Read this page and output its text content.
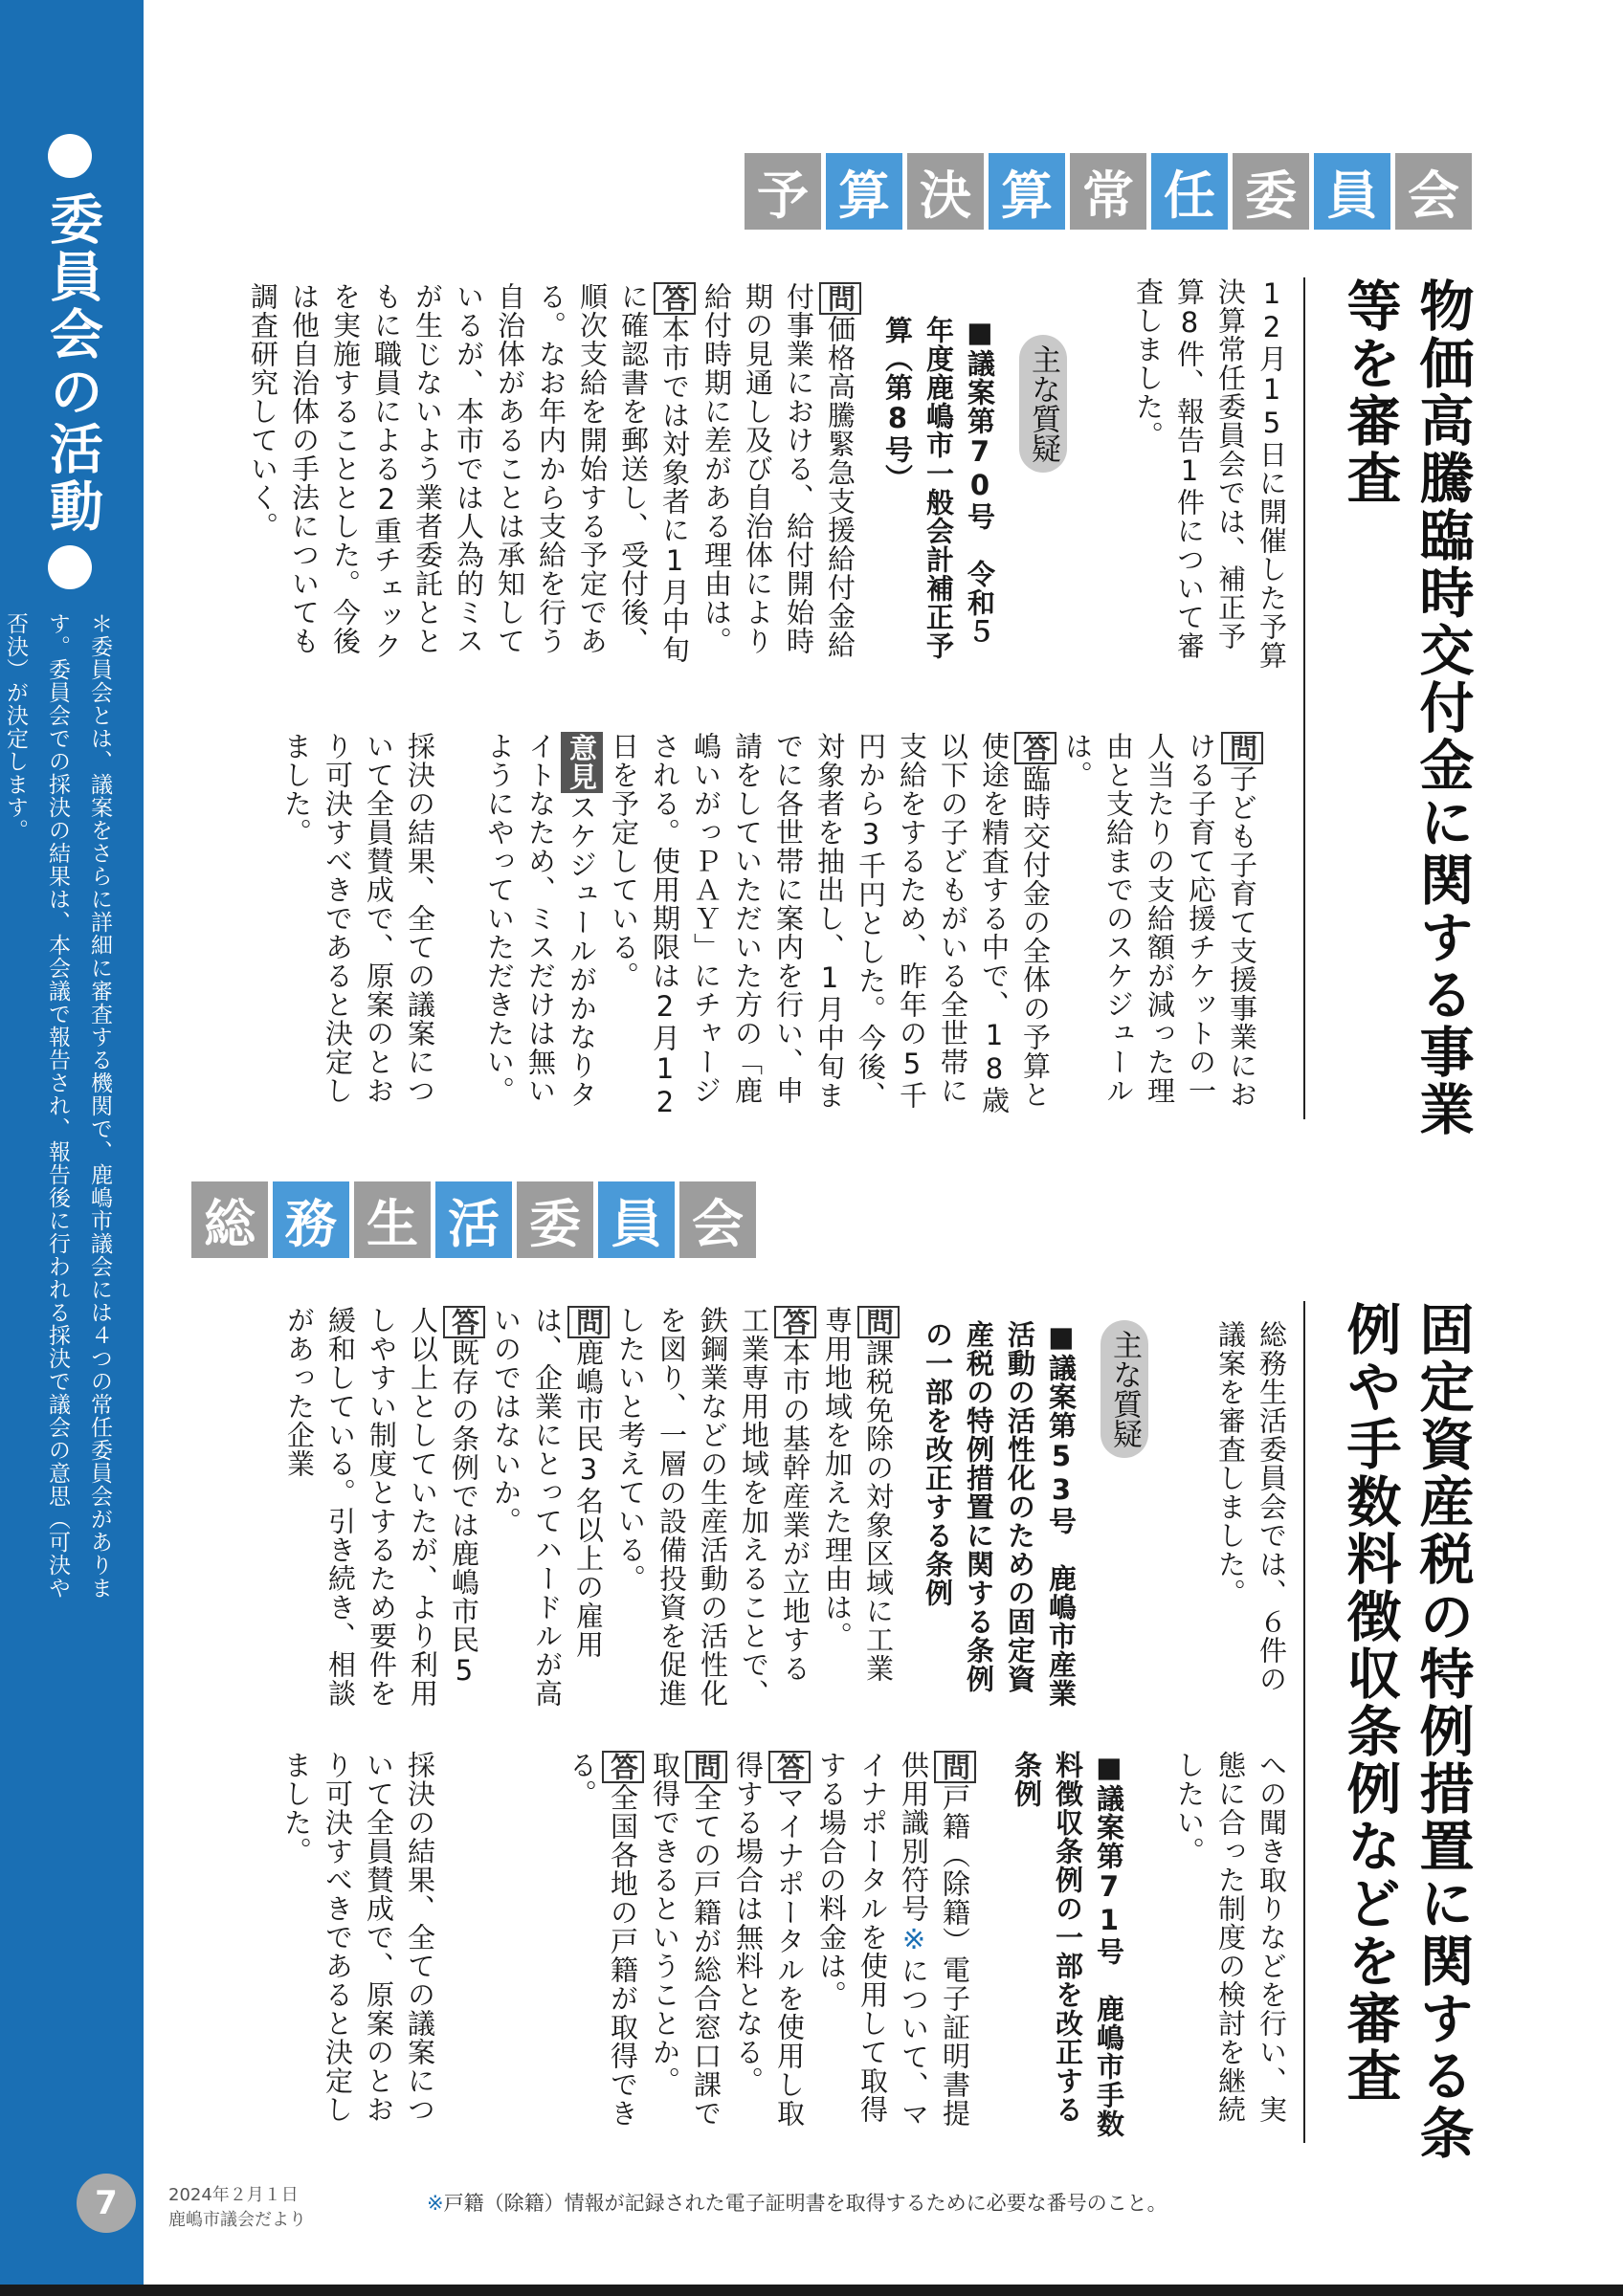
委員会の活動
＊委員会とは、議案をさらに詳細に審査する機関で、鹿嶋市議会には４つの常任委員会があります。委員会での採決の結果は、本会議で報告され、報告後に行われる採決で議会の意思（可決や否決）が決定します。
予 算 決 算 常 任 委 員 会
物価高騰臨時交付金に関する事業等を審査
12月15日に開催した予算決算常任委員会では、補正予算8件、報告1件について審査しました。
主な質疑
■議案第70号　令和５年度鹿嶋市一般会計補正予算（第8号）
問価格高騰緊急支援給付金給付事業における、給付開始時期の見通し及び自治体により給付時期に差がある理由は。
答本市では対象者に1月中旬に確認書を郵送し、受付後、順次支給を開始する予定である。なお年内から支給を行う自治体があることは承知しているが、本市では人為的ミスが生じないよう業者委託とともに職員による2重チェックを実施することとした。今後は他自治体の手法についても調査研究していく。
問子ども子育て支援事業における子育て応援チケットの一人当たりの支給額が減った理由と支給までのスケジュールは。
答臨時交付金の全体の予算と使途を精査する中で、18歳以下の子どもがいる全世帯に支給をするため、昨年の5千円から3千円とした。今後、対象者を抽出し、1月中旬までに各世帯に案内を行い、申請をしていただいた方の「鹿嶋いがっＰＡＹ」にチャージされる。使用期限は2月12日を予定している。
意見スケジュールがかなりタイトなため、ミスだけは無いようにやっていただきたい。
採決の結果、全ての議案について全員賛成で、原案のとおり可決すべきであると決定しました。
総 務 生 活 委 員 会
固定資産税の特例措置に関する条例や手数料徴収条例などを審査
総務生活委員会では、６件の議案を審査しました。
主な質疑
■議案第53号　鹿嶋市産業活動の活性化のための固定資産税の特例措置に関する条例の一部を改正する条例
問課税免除の対象区域に工業専用地域を加えた理由は。
答本市の基幹産業が立地する工業専用地域を加えることで、鉄鋼業などの生産活動の活性化を図り、一層の設備投資を促進したいと考えている。
問鹿嶋市民3名以上の雇用は、企業にとってハードルが高いのではないか。
答既存の条例では鹿嶋市民5人以上としていたが、より利用しやすい制度とするため要件を緩和している。引き続き、相談があった企業
への聞き取りなどを行い、実態に合った制度の検討を継続したい。
■議案第71号　鹿嶋市手数料徴収条例の一部を改正する条例
問戸籍（除籍）電子証明書提供用識別符号※について、マイナポータルを使用して取得する場合の料金は。
答マイナポータルを使用し取得する場合は無料となる。
問全ての戸籍が総合窓口課で取得できるということか。
答全国各地の戸籍が取得できる。
採決の結果、全ての議案について全員賛成で、原案のとおり可決すべきであると決定しました。
7	2024年２月１日
鹿嶋市議会だより
※戸籍（除籍）情報が記録された電子証明書を取得するために必要な番号のこと。
